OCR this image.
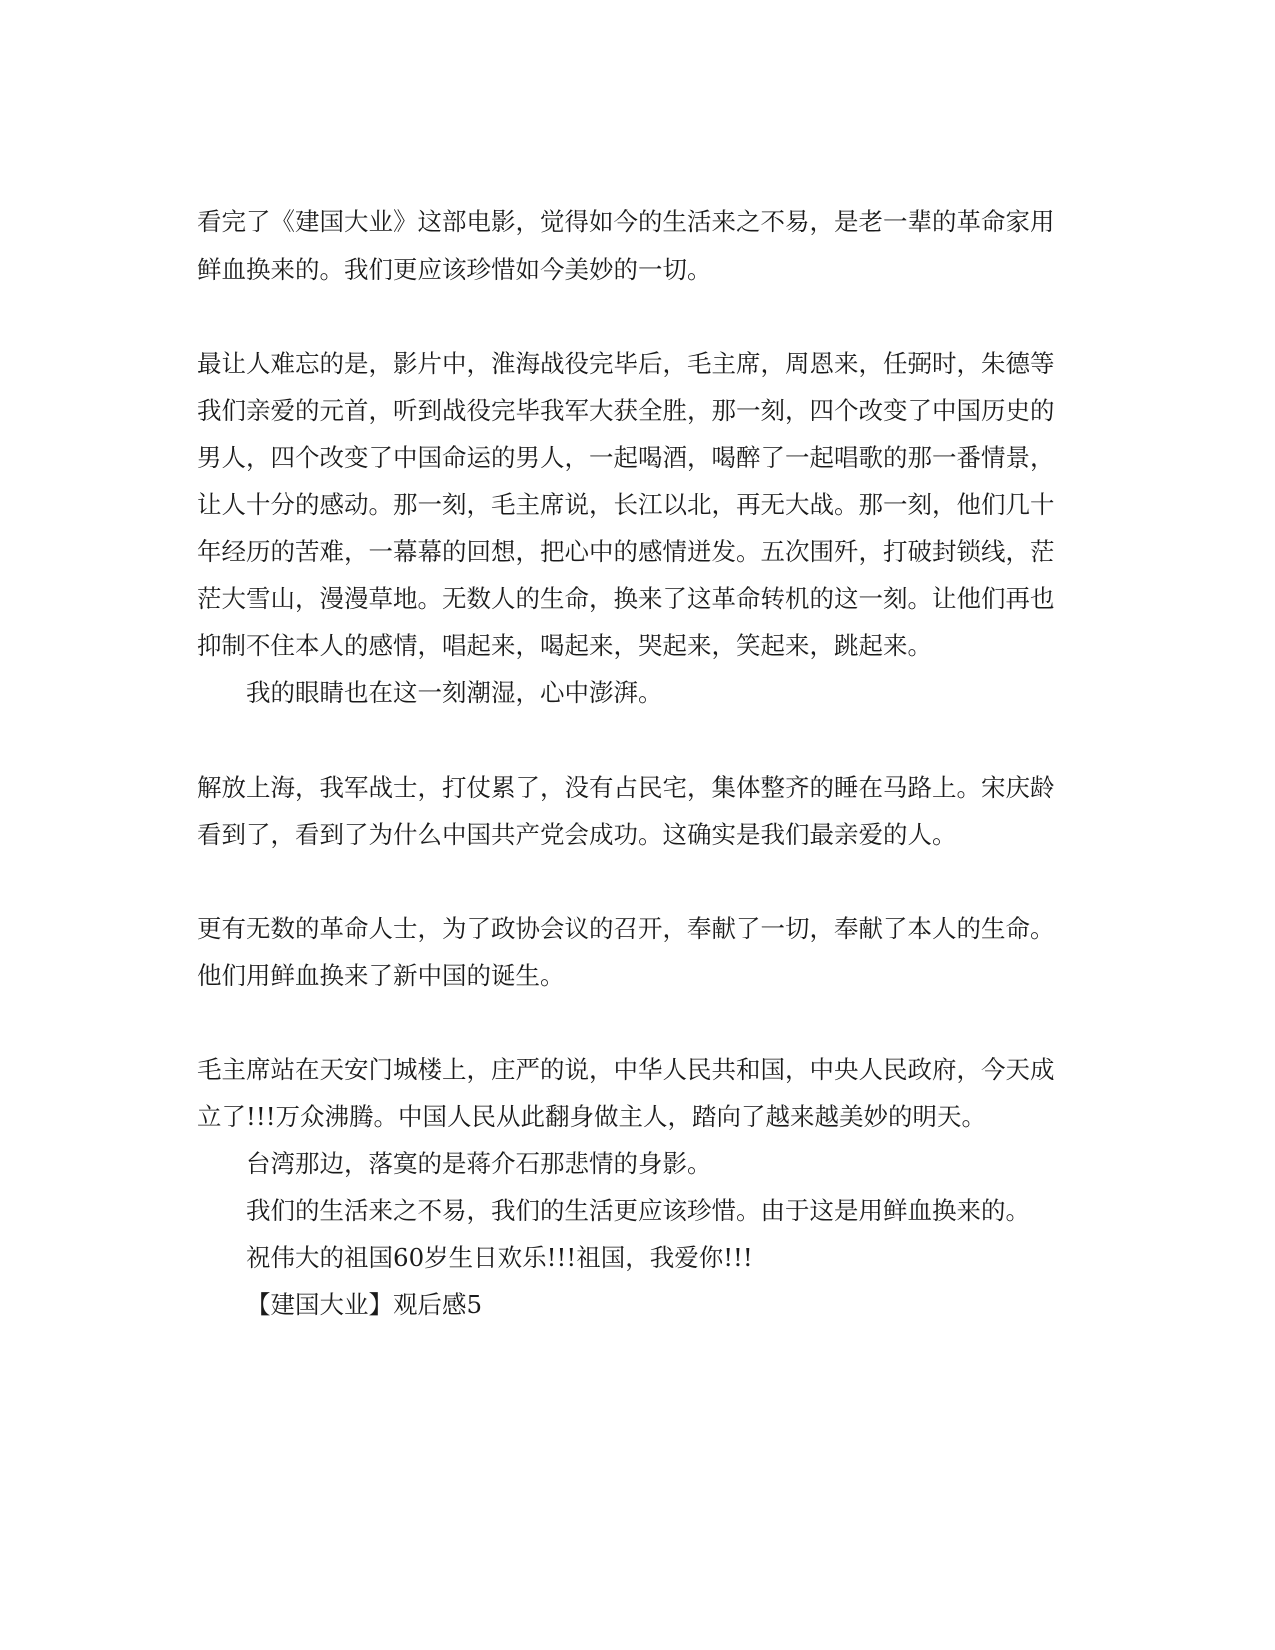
看完了《建国大业》这部电影，觉得如今的生活来之不易，是老一辈的革命家用

鲜血换来的。我们更应该珍惜如今美妙的一切。

最让人难忘的是，影片中，淮海战役完毕后，毛主席，周恩来，任弼时，朱德等

我们亲爱的元首，听到战役完毕我军大获全胜，那一刻，四个改变了中国历史的

男人，四个改变了中国命运的男人，一起喝酒，喝醉了一起唱歌的那一番情景，

让人十分的感动。那一刻，毛主席说，长江以北，再无大战。那一刻，他们几十

年经历的苦难，一幕幕的回想，把心中的感情迸发。五次围歼，打破封锁线，茫

茫大雪山，漫漫草地。无数人的生命，换来了这革命转机的这一刻。让他们再也

抑制不住本人的感情，唱起来，喝起来，哭起来，笑起来，跳起来。

我的眼睛也在这一刻潮湿，心中澎湃。

解放上海，我军战士，打仗累了，没有占民宅，集体整齐的睡在马路上。宋庆龄

看到了，看到了为什么中国共产党会成功。这确实是我们最亲爱的人。

更有无数的革命人士，为了政协会议的召开，奉献了一切，奉献了本人的生命。

他们用鲜血换来了新中国的诞生。

毛主席站在天安门城楼上，庄严的说，中华人民共和国，中央人民政府，今天成

立了!!!万众沸腾。中国人民从此翻身做主人，踏向了越来越美妙的明天。

台湾那边，落寞的是蒋介石那悲情的身影。

我们的生活来之不易，我们的生活更应该珍惜。由于这是用鲜血换来的。

祝伟大的祖国60岁生日欢乐!!!祖国，我爱你!!!

【建国大业】观后感5
